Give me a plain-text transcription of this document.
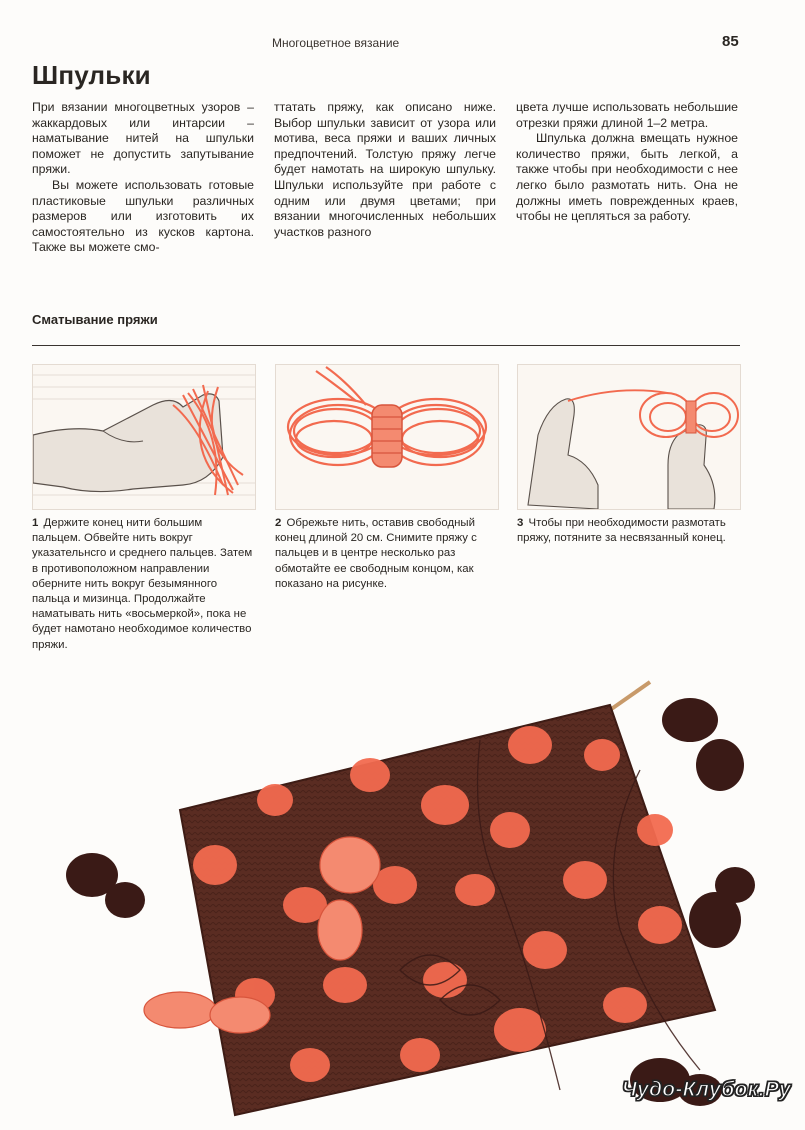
Многоцветное вязание	85
Шпульки

При вязании многоцветных узоров – жаккардовых или интарсии – наматывание нитей на шпульки поможет не допустить запутывание пряжи.

Вы можете использовать готовые пластиковые шпульки различных размеров или изготовить их самостоятельно из кусков картона. Также вы можете смо-

ттатать пряжу, как описано ниже. Выбор шпульки зависит от узора или мотива, веса пряжи и ваших личных предпочтений. Толстую пряжу легче будет намотать на широкую шпульку. Шпульки используйте при работе с одним или двумя цветами; при вязании многочисленных небольших участков разного

цвета лучше использовать небольшие отрезки пряжи длиной 1–2 метра.

Шпулька должна вмещать нужное количество пряжи, быть легкой, а также чтобы при необходимости с нее легко было размотать нить. Она не должны иметь поврежденных краев, чтобы не цепляться за работу.

Сматывание пряжи
1 Держите конец нити большим пальцем. Обвейте нить вокруг указательнсго и среднего пальцев. Затем в противоположном направлении оберните нить вокруг безымянного пальца и мизинца. Продолжайте наматывать нить «восьмеркой», пока не будет намотано необходимое количество пряжи.
2 Обрежьте нить, оставив свободный конец длиной 20 см. Снимите пряжу с пальцев и в центре несколько раз обмотайте ее свободным концом, как показано на рисунке.
3 Чтобы при необходимости размотать пряжу, потяните за несвязанный конец.
Чудо-Клубок.Ру
